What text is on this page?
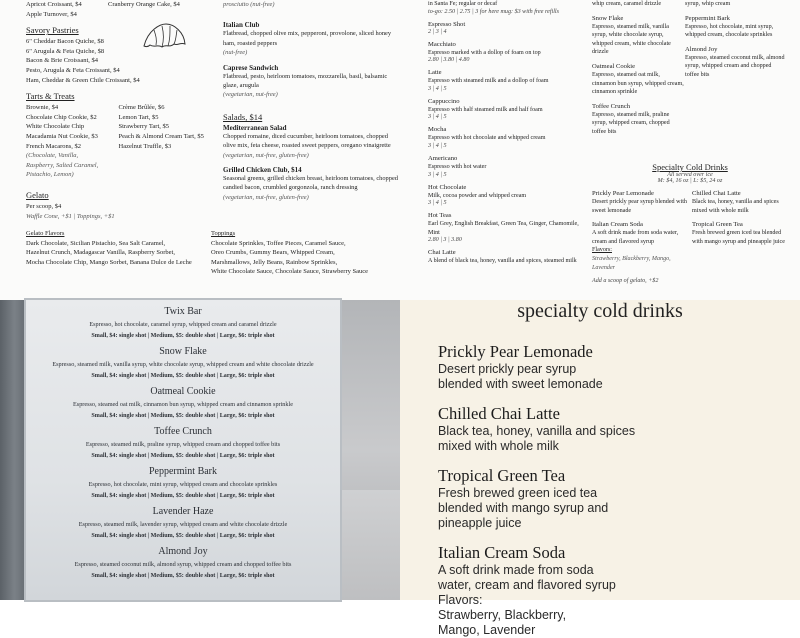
Apricot Croissant, $4
Apple Turnover, $4
Savory Pastries
6" Cheddar Bacon Quiche, $8
6" Arugula & Feta Quiche, $8
Bacon & Brie Croissant, $4
Pesto, Arugula & Feta Croissant, $4
Ham, Cheddar & Green Chile Croissant, $4
Tarts & Treats
Brownie, $4
Chocolate Chip Cookie, $2
White Chocolate Chip
Macadamia Nut Cookie, $3
French Macarons, $2
(Chocolate, Vanilla, Raspberry, Salted Caramel, Pistachio, Lemon)
Crème Brûlée, $6
Lemon Tart, $5
Strawberry Tart, $5
Peach & Almond Cream Tart, $5
Hazelnut Truffle, $3
Gelato
Per scoop, $4
Waffle Cone, +$1 | Toppings, +$1
Gelato Flavors
Dark Chocolate, Sicilian Pistachio, Sea Salt Caramel,
Hazelnut Crunch, Madagascar Vanilla, Raspberry Sorbet,
Mocha Chocolate Chip, Mango Sorbet, Banana Dulce de Leche
Toppings
Chocolate Sprinkles, Toffee Pieces, Caramel Sauce,
Oreo Crumbs, Gummy Bears, Whipped Cream,
Marshmallows, Jelly Beans, Rainbow Sprinkles,
White Chocolate Sauce, Chocolate Sauce, Strawberry Sauce
Cranberry Orange Cake, $4	prosciutto (nut-free)
Italian Club
Flatbread, chopped olive mix, pepperoni, provolone, sliced honey ham, roasted peppers
(nut-free)
Caprese Sandwich
Flatbread, pesto, heirloom tomatoes, mozzarella, basil, balsamic glaze, arugula
(vegetarian, nut-free)
Salads, $14
Mediterranean Salad
Chopped romaine, diced cucumber, heirloom tomatoes, chopped olive mix, feta cheese, roasted sweet peppers, oregano vinaigrette
(vegetarian, nut-free, gluten-free)
Grilled Chicken Club, $14
Seasonal greens, grilled chicken breast, heirloom tomatoes, chopped candied bacon, crumbled gorgonzola, ranch dressing
(vegetarian, nut-free, gluten-free)
in Santa Fe; regular or decaf
to-go: 2.50 | 2.75 | 3 for here mug: $3 with free refills
Espresso Shot
2 | 3 | 4
Macchiato
Espresso marked with a dollop of foam on top
2.80 | 3.80 | 4.80
Latte
Espresso with steamed milk and a dollop of foam
3 | 4 | 5
Cappuccino
Espresso with half steamed milk and half foam
3 | 4 | 5
Mocha
Espresso with hot chocolate and whipped cream
3 | 4 | 5
Americano
Espresso with hot water
3 | 4 | 5
Hot Chocolate
Milk, cocoa powder and whipped cream
3 | 4 | 5
Hot Teas
Earl Grey, English Breakfast, Green Tea, Ginger, Chamomile, Mint
2.80 | 3 | 3.80
Chai Latte
A blend of black tea, honey, vanilla and spices, steamed milk
whip cream, caramel drizzle
Snow Flake
Espresso, steamed milk, vanilla syrup, white chocolate syrup, whipped cream, white chocolate drizzle
Oatmeal Cookie
Espresso, steamed oat milk, cinnamon bun syrup, whipped cream, cinnamon sprinkle
Toffee Crunch
Espresso, steamed milk, praline syrup, whipped cream, chopped toffee bits
syrup, whip cream
Peppermint Bark
Espresso, hot chocolate, mint syrup, whipped cream, chocolate sprinkles
Almond Joy
Espresso, steamed coconut milk, almond syrup, whipped cream and chopped toffee bits
Specialty Cold Drinks
All served over ice
M: $4, 16 oz | L: $5, 24 oz
Prickly Pear Lemonade
Desert prickly pear syrup blended with sweet lemonade
Italian Cream Soda
A soft drink made from soda water, cream and flavored syrup
Flavors:
Strawberry, Blackberry, Mango, Lavender
Add a scoop of gelato, +$2
Chilled Chai Latte
Black tea, honey, vanilla and spices mixed with whole milk
Tropical Green Tea
Fresh brewed green iced tea blended with mango syrup and pineapple juice
Twix Bar
Espresso, hot chocolate, caramel syrup, whipped cream and caramel drizzle
Small, $4: single shot | Medium, $5: double shot | Large, $6: triple shot
Snow Flake
Espresso, steamed milk, vanilla syrup, white chocolate syrup, whipped cream and white chocolate drizzle
Small, $4: single shot | Medium, $5: double shot | Large, $6: triple shot
Oatmeal Cookie
Espresso, steamed oat milk, cinnamon bun syrup, whipped cream and cinnamon sprinkle
Small, $4: single shot | Medium, $5: double shot | Large, $6: triple shot
Toffee Crunch
Espresso, steamed milk, praline syrup, whipped cream and chopped toffee bits
Small, $4: single shot | Medium, $5: double shot | Large, $6: triple shot
Peppermint Bark
Espresso, hot chocolate, mint syrup, whipped cream and chocolate sprinkles
Small, $4: single shot | Medium, $5: double shot | Large, $6: triple shot
Lavender Haze
Espresso, steamed milk, lavender syrup, whipped cream and white chocolate drizzle
Small, $4: single shot | Medium, $5: double shot | Large, $6: triple shot
Almond Joy
Espresso, steamed coconut milk, almond syrup, whipped cream and chopped toffee bits
Small, $4: single shot | Medium, $5: double shot | Large, $6: triple shot
specialty cold drinks
Prickly Pear Lemonade
Desert prickly pear syrup
blended with sweet lemonade
Chilled Chai Latte
Black tea, honey, vanilla and spices
mixed with whole milk
Tropical Green Tea
Fresh brewed green iced tea
blended with mango syrup and
pineapple juice
Italian Cream Soda
A soft drink made from soda
water, cream and flavored syrup
Flavors:
Strawberry, Blackberry,
Mango, Lavender
